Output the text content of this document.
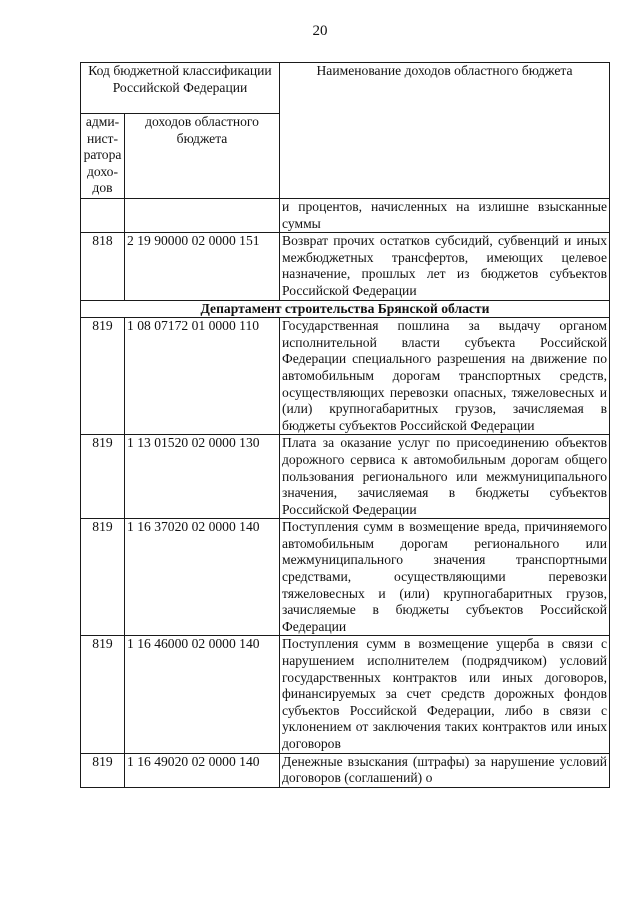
20
Код бюджетной классификации Российской Федерации		Наименование доходов областного бюджета
адми-нист-ратора дохо-дов	доходов областного бюджета	
		и процентов, начисленных на излишне взысканные суммы
818	2 19 90000 02 0000 151	Возврат прочих остатков субсидий, субвенций и иных межбюджетных трансфертов, имеющих целевое назначение, прошлых лет из бюджетов субъектов Российской Федерации
Департамент строительства Брянской области		
819	1 08 07172 01 0000 110	Государственная пошлина за выдачу органом исполнительной власти субъекта Российской Федерации специального разрешения на движение по автомобильным дорогам транспортных средств, осуществляющих перевозки опасных, тяжеловесных и (или) крупногабаритных грузов, зачисляемая в бюджеты субъектов Российской Федерации
819	1 13 01520 02 0000 130	Плата за оказание услуг по присоединению объектов дорожного сервиса к автомобильным дорогам общего пользования регионального или межмуниципального значения, зачисляемая в бюджеты субъектов Российской Федерации
819	1 16 37020 02 0000 140	Поступления сумм в возмещение вреда, причиняемого автомобильным дорогам регионального или межмуниципального значения транспортными средствами, осуществляющими перевозки тяжеловесных и (или) крупногабаритных грузов, зачисляемые в бюджеты субъектов Российской Федерации
819	1 16 46000 02 0000 140	Поступления сумм в возмещение ущерба в связи с нарушением исполнителем (подрядчиком) условий государственных контрактов или иных договоров, финансируемых за счет средств дорожных фондов субъектов Российской Федерации, либо в связи с уклонением от заключения таких контрактов или иных договоров
819	1 16 49020 02 0000 140	Денежные взыскания (штрафы) за нарушение условий договоров (соглашений) о
